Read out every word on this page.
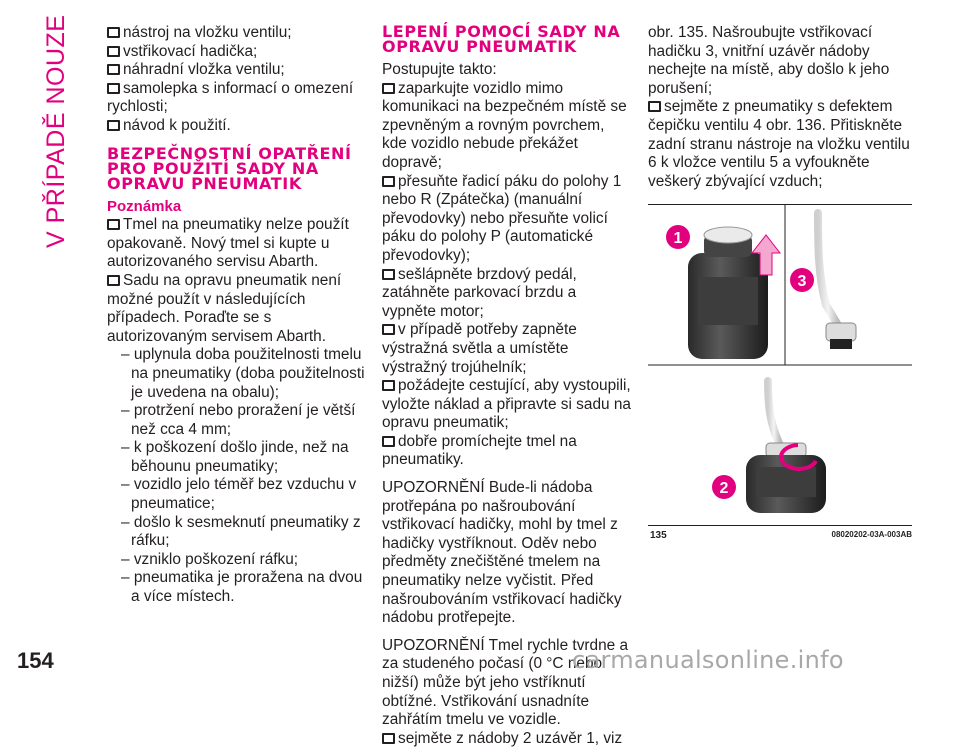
V PŘÍPADĚ NOUZE	nástroj na vložku ventilu;

vstřikovací hadička;

náhradní vložka ventilu;

samolepka s informací o omezení rychlosti;

návod k použití.

BEZPEČNOSTNÍ OPATŘENÍ PRO POUŽITÍ SADY NA OPRAVU PNEUMATIK

Poznámka

Tmel na pneumatiky nelze použít opakovaně. Nový tmel si kupte u autorizovaného servisu Abarth.

Sadu na opravu pneumatik není možné použít v následujících případech. Poraďte se s autorizovaným servisem Abarth.

– uplynula doba použitelnosti tmelu na pneumatiky (doba použitelnosti je uvedena na obalu);

– protržení nebo proražení je větší než cca 4 mm;

– k poškození došlo jinde, než na běhounu pneumatiky;

– vozidlo jelo téměř bez vzduchu v pneumatice;

– došlo k sesmeknutí pneumatiky z ráfku;

– vzniklo poškození ráfku;

– pneumatika je proražena na dvou a více místech.

LEPENÍ POMOCÍ SADY NA OPRAVU PNEUMATIK

Postupujte takto:

zaparkujte vozidlo mimo komunikaci na bezpečném místě se zpevněným a rovným povrchem, kde vozidlo nebude překážet dopravě;

přesuňte řadicí páku do polohy 1 nebo R (Zpátečka) (manuální převodovky) nebo přesuňte volicí páku do polohy P (automatické převodovky);

sešlápněte brzdový pedál, zatáhněte parkovací brzdu a vypněte motor;

v případě potřeby zapněte výstražná světla a umístěte výstražný trojúhelník;

požádejte cestující, aby vystoupili, vyložte náklad a připravte si sadu na opravu pneumatik;

dobře promíchejte tmel na pneumatiky.

UPOZORNĚNÍ Bude-li nádoba protřepána po našroubování vstřikovací hadičky, mohl by tmel z hadičky vystříknout. Oděv nebo předměty znečištěné tmelem na pneumatiky nelze vyčistit. Před našroubováním vstřikovací hadičky nádobu protřepejte.

UPOZORNĚNÍ Tmel rychle tvrdne a za studeného počasí (0 °C nebo nižší) může být jeho vstříknutí obtížné. Vstřikování usnadníte zahřátím tmelu ve vozidle.

sejměte z nádoby 2 uzávěr 1, viz

obr. 135. Našroubujte vstřikovací hadičku 3, vnitřní uzávěr nádoby nechejte na místě, aby došlo k jeho porušení;

sejměte z pneumatiky s defektem čepičku ventilu 4 obr. 136. Přitiskněte zadní stranu nástroje na vložku ventilu 6 k vložce ventilu 5 a vyfoukněte veškerý zbývající vzduch;

1
3
2
135	08020202-03A-003AB
154	carmanualsonline.info
